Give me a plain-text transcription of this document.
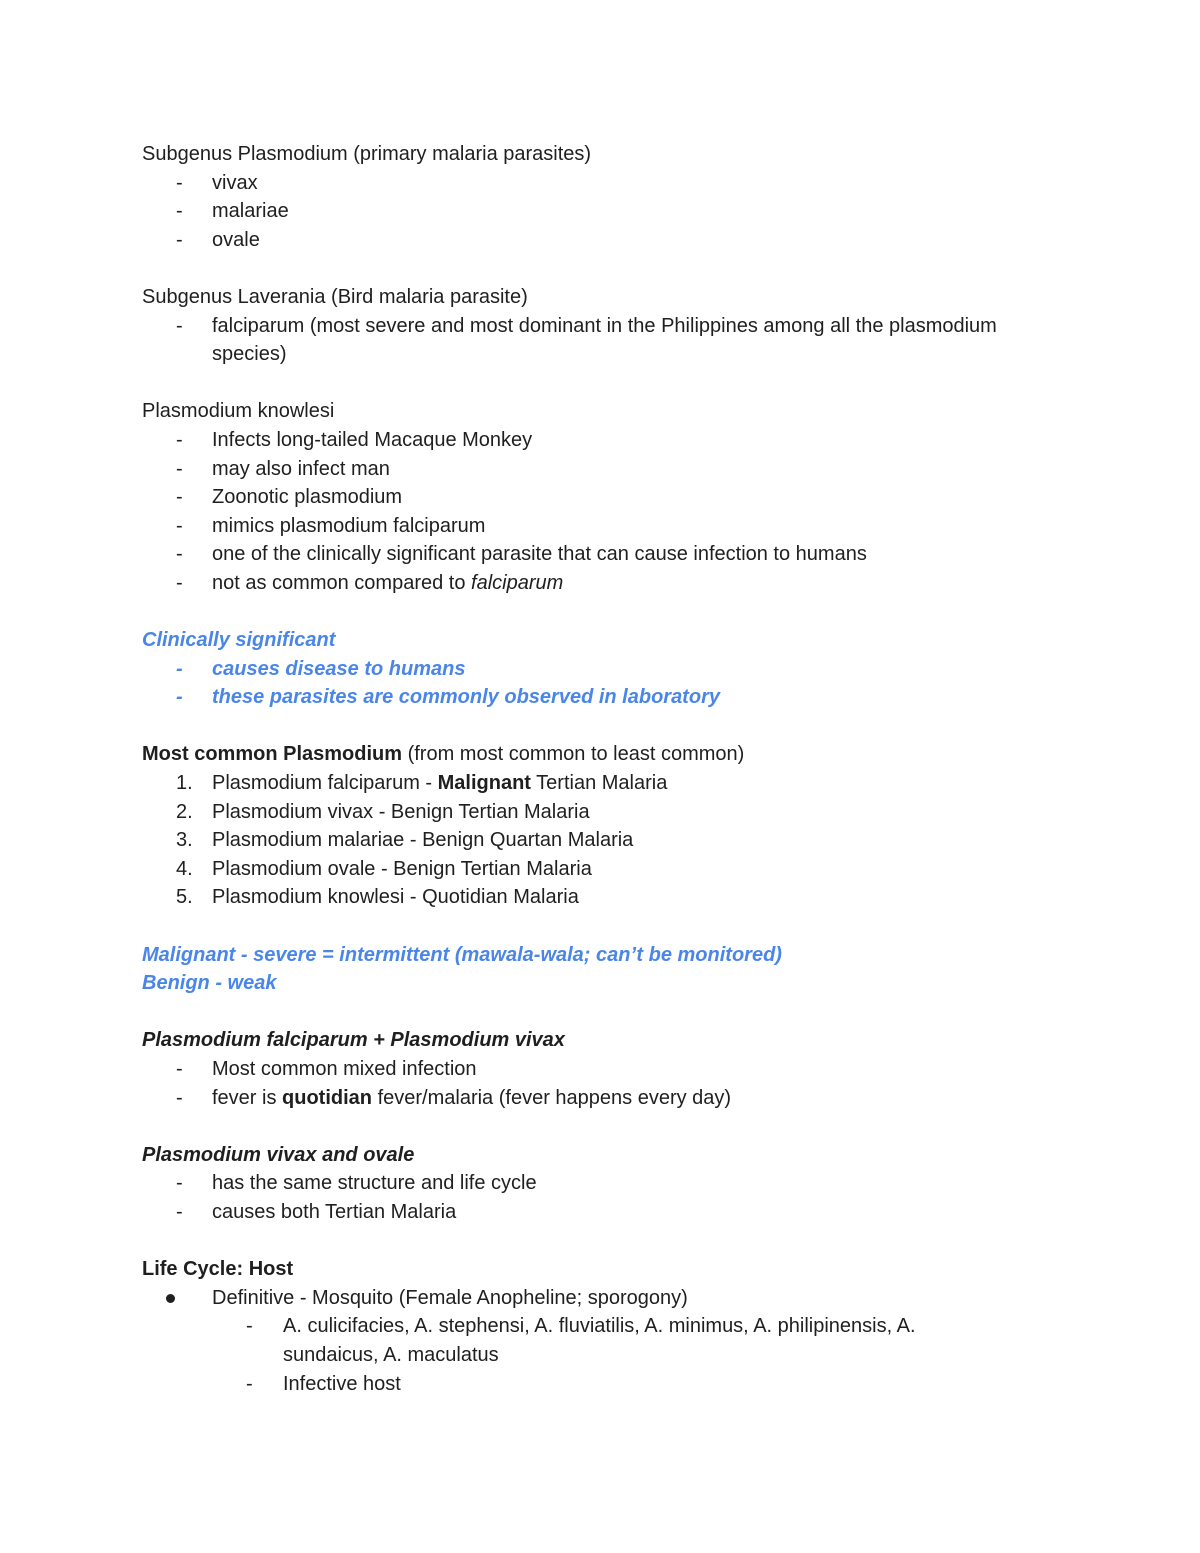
Subgenus Plasmodium (primary malaria parasites)
- vivax
- malariae
- ovale
Subgenus Laverania (Bird malaria parasite)
- falciparum (most severe and most dominant in the Philippines among all the plasmodium
species)
Plasmodium knowlesi
- Infects long-tailed Macaque Monkey
- may also infect man
- Zoonotic plasmodium
- mimics plasmodium falciparum
- one of the clinically significant parasite that can cause infection to humans
- not as common compared to falciparum
Clinically significant
- causes disease to humans
- these parasites are commonly observed in laboratory
Most common Plasmodium (from most common to least common)
1. Plasmodium falciparum - Malignant Tertian Malaria
2. Plasmodium vivax - Benign Tertian Malaria
3. Plasmodium malariae - Benign Quartan Malaria
4. Plasmodium ovale - Benign Tertian Malaria
5. Plasmodium knowlesi - Quotidian Malaria
Malignant - severe = intermittent (mawala-wala; can’t be monitored)
Benign - weak
Plasmodium falciparum + Plasmodium vivax
- Most common mixed infection
- fever is quotidian fever/malaria (fever happens every day)
Plasmodium vivax and ovale
- has the same structure and life cycle
- causes both Tertian Malaria
Life Cycle: Host
Definitive - Mosquito (Female Anopheline; sporogony)
- A. culicifacies, A. stephensi, A. fluviatilis, A. minimus, A. philipinensis, A.
sundaicus, A. maculatus
- Infective host
